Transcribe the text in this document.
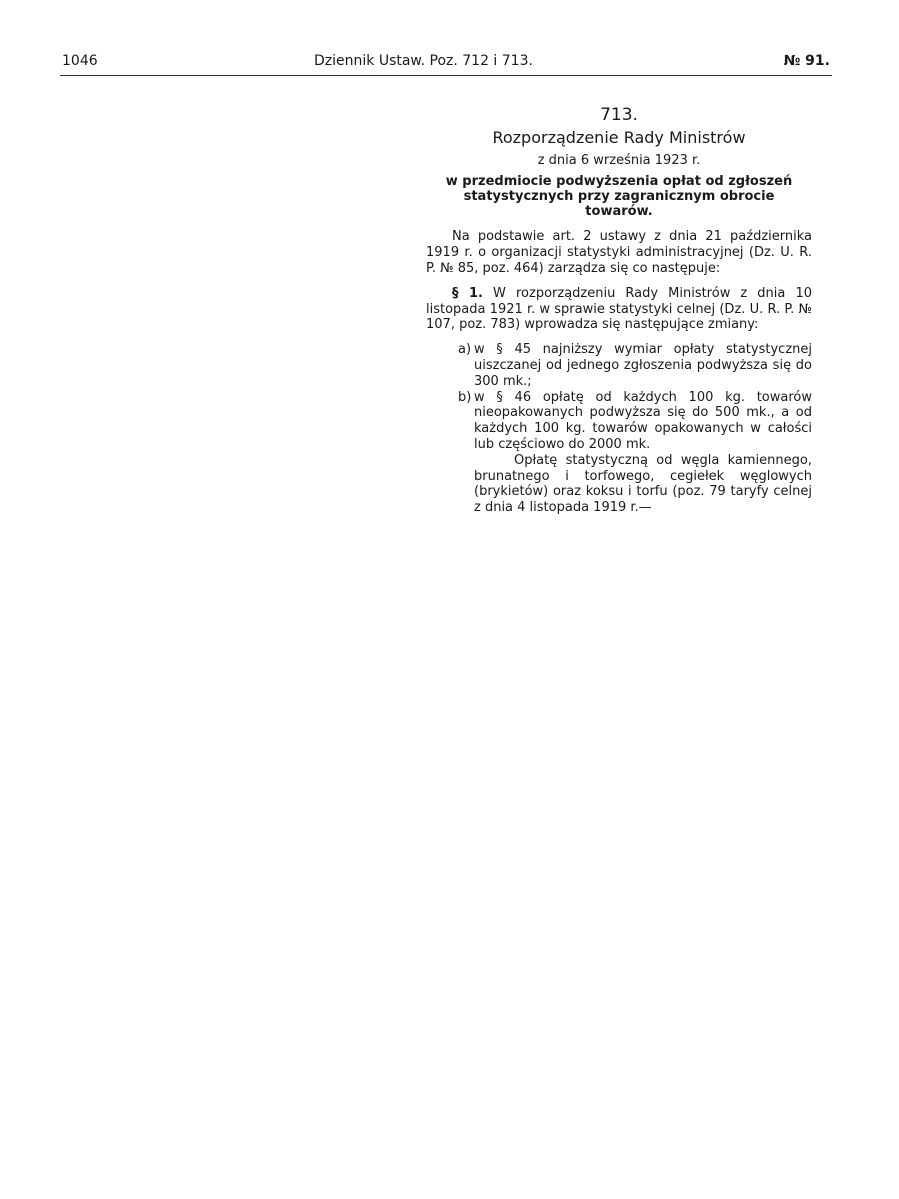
1046	Dziennik Ustaw. Poz. 712 i 713.	№ 91.
713.
Rozporządzenie Rady Ministrów
z dnia 6 września 1923 r.
w przedmiocie podwyższenia opłat od zgłoszeń statystycznych przy zagranicznym obrocie towarów.

Na podstawie art. 2 ustawy z dnia 21 października 1919 r. o organizacji statystyki administracyjnej (Dz. U. R. P. № 85, poz. 464) zarządza się co następuje:

§ 1. W rozporządzeniu Rady Ministrów z dnia 10 listopada 1921 r. w sprawie statystyki celnej (Dz. U. R. P. № 107, poz. 783) wprowadza się następujące zmiany:

a) w § 45 najniższy wymiar opłaty statystycznej uiszczanej od jednego zgłoszenia podwyższa się do 300 mk.;
b) w § 46 opłatę od każdych 100 kg. towarów nieopakowanych podwyższa się do 500 mk., a od każdych 100 kg. towarów opakowanych w całości lub częściowo do 2000 mk.

Opłatę statystyczną od węgla kamiennego, brunatnego i torfowego, cegiełek węglowych (brykietów) oraz koksu i torfu (poz. 79 taryfy celnej z dnia 4 listopada 1919 r.—
